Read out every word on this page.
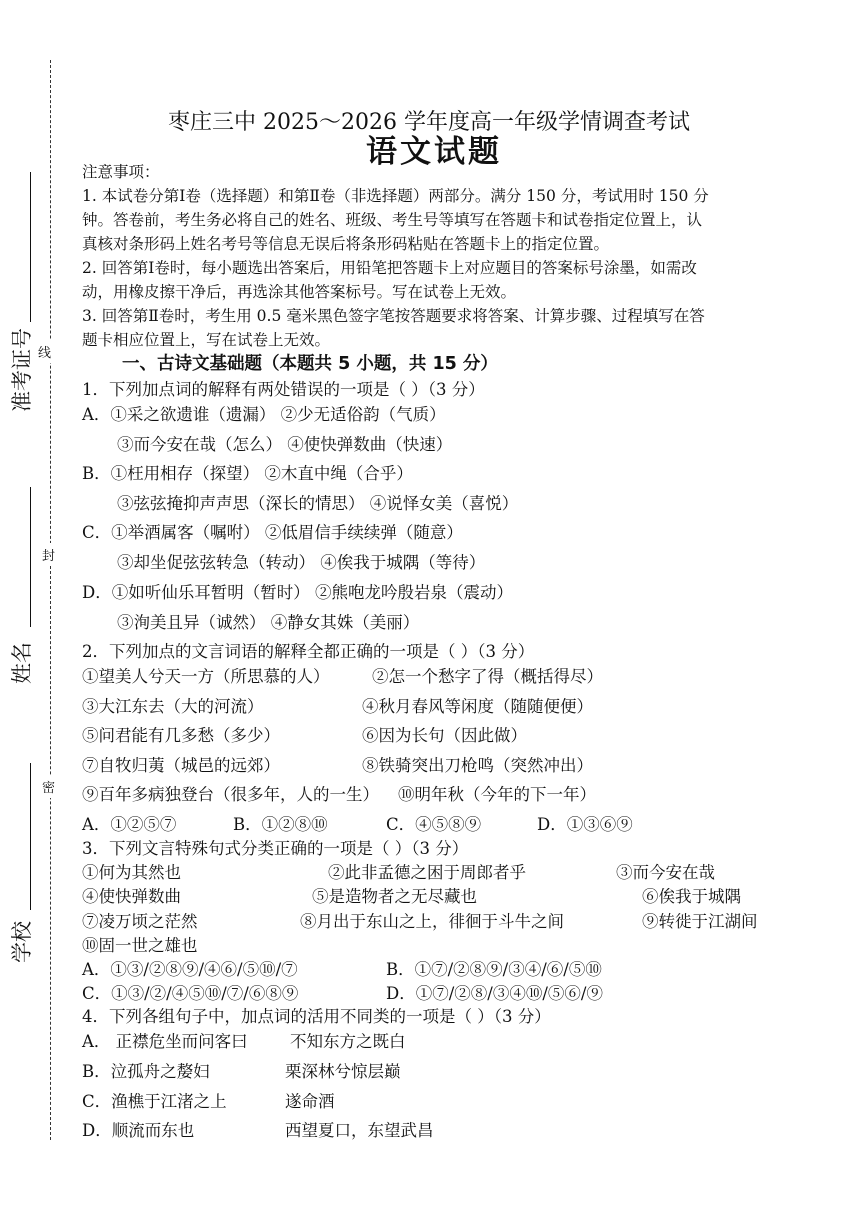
线
封
密
准考证号
姓名
学校
枣庄三中 2025～2026 学年度高一年级学情调查考试
语文试题
注意事项：
1. 本试卷分第Ⅰ卷（选择题）和第Ⅱ卷（非选择题）两部分。满分 150 分，考试用时 150 分
钟。答卷前，考生务必将自己的姓名、班级、考生号等填写在答题卡和试卷指定位置上，认
真核对条形码上姓名考号等信息无误后将条形码粘贴在答题卡上的指定位置。
2. 回答第Ⅰ卷时，每小题选出答案后，用铅笔把答题卡上对应题目的答案标号涂墨，如需改
动，用橡皮擦干净后，再选涂其他答案标号。写在试卷上无效。
3. 回答第Ⅱ卷时，考生用 0.5 毫米黑色签字笔按答题要求将答案、计算步骤、过程填写在答
题卡相应位置上，写在试卷上无效。
一、古诗文基础题（本题共 5 小题，共 15 分）
1．下列加点词的解释有两处错误的一项是（ ）（3 分）
A．①采之欲遗谁（遗漏） ②少无适俗韵（气质）
③而今安在哉（怎么） ④使快弹数曲（快速）
B．①枉用相存（探望） ②木直中绳（合乎）
③弦弦掩抑声声思（深长的情思） ④说怿女美（喜悦）
C．①举酒属客（嘱咐） ②低眉信手续续弹（随意）
③却坐促弦弦转急（转动） ④俟我于城隅（等待）
D．①如听仙乐耳暂明（暂时） ②熊咆龙吟殷岩泉（震动）
③洵美且异（诚然） ④静女其姝（美丽）
2．下列加点的文言词语的解释全都正确的一项是（ ）（3 分）
①望美人兮天一方（所思慕的人）	②怎一个愁字了得（概括得尽）
③大江东去（大的河流）	④秋月春风等闲度（随随便便）
⑤问君能有几多愁（多少）	⑥因为长句（因此做）
⑦自牧归荑（城邑的远郊）	⑧铁骑突出刀枪鸣（突然冲出）
⑨百年多病独登台（很多年，人的一生） ⑩明年秋（今年的下一年）
A．①②⑤⑦	B．①②⑧⑩	C．④⑤⑧⑨	D．①③⑥⑨
3．下列文言特殊句式分类正确的一项是（ ）（3 分）
①何为其然也	②此非孟德之困于周郎者乎	③而今安在哉
④使快弹数曲	⑤是造物者之无尽藏也	⑥俟我于城隅
⑦凌万顷之茫然	⑧月出于东山之上，徘徊于斗牛之间	⑨转徙于江湖间
⑩固一世之雄也
A．①③/②⑧⑨/④⑥/⑤⑩/⑦	B．①⑦/②⑧⑨/③④/⑥/⑤⑩
C．①③/②/④⑤⑩/⑦/⑥⑧⑨	D．①⑦/②⑧/③④⑩/⑤⑥/⑨
4．下列各组句子中，加点词的活用不同类的一项是（ ）（3 分）
A． 正襟危坐而问客曰	不知东方之既白
B．泣孤舟之嫠妇	栗深林兮惊层巅
C．渔樵于江渚之上	遂命酒
D．顺流而东也	西望夏口，东望武昌
